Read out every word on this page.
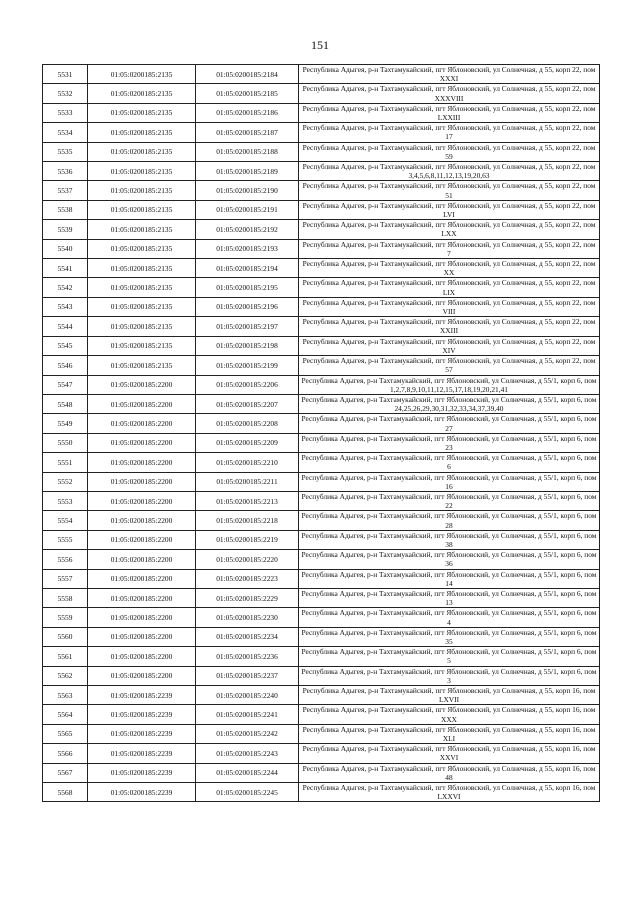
151
5531	01:05:0200185:2135	01:05:0200185:2184	Республика Адыгея, р-н Тахтамукайский, пгт Яблоновский, ул Солнечная, д 55, корп 22, пом XXXI
5532	01:05:0200185:2135	01:05:0200185:2185	Республика Адыгея, р-н Тахтамукайский, пгт Яблоновский, ул Солнечная, д 55, корп 22, пом XXXVIII
5533	01:05:0200185:2135	01:05:0200185:2186	Республика Адыгея, р-н Тахтамукайский, пгт Яблоновский, ул Солнечная, д 55, корп 22, пом LXXIII
5534	01:05:0200185:2135	01:05:0200185:2187	Республика Адыгея, р-н Тахтамукайский, пгт Яблоновский, ул Солнечная, д 55, корп 22, пом 17
5535	01:05:0200185:2135	01:05:0200185:2188	Республика Адыгея, р-н Тахтамукайский, пгт Яблоновский, ул Солнечная, д 55, корп 22, пом 59
5536	01:05:0200185:2135	01:05:0200185:2189	Республика Адыгея, р-н Тахтамукайский, пгт Яблоновский, ул Солнечная, д 55, корп 22, пом 3,4,5,6,8,11,12,13,19,20,63
5537	01:05:0200185:2135	01:05:0200185:2190	Республика Адыгея, р-н Тахтамукайский, пгт Яблоновский, ул Солнечная, д 55, корп 22, пом 51
5538	01:05:0200185:2135	01:05:0200185:2191	Республика Адыгея, р-н Тахтамукайский, пгт Яблоновский, ул Солнечная, д 55, корп 22, пом LVI
5539	01:05:0200185:2135	01:05:0200185:2192	Республика Адыгея, р-н Тахтамукайский, пгт Яблоновский, ул Солнечная, д 55, корп 22, пом LXX
5540	01:05:0200185:2135	01:05:0200185:2193	Республика Адыгея, р-н Тахтамукайский, пгт Яблоновский, ул Солнечная, д 55, корп 22, пом 7
5541	01:05:0200185:2135	01:05:0200185:2194	Республика Адыгея, р-н Тахтамукайский, пгт Яблоновский, ул Солнечная, д 55, корп 22, пом XX
5542	01:05:0200185:2135	01:05:0200185:2195	Республика Адыгея, р-н Тахтамукайский, пгт Яблоновский, ул Солнечная, д 55, корп 22, пом LIX
5543	01:05:0200185:2135	01:05:0200185:2196	Республика Адыгея, р-н Тахтамукайский, пгт Яблоновский, ул Солнечная, д 55, корп 22, пом VIII
5544	01:05:0200185:2135	01:05:0200185:2197	Республика Адыгея, р-н Тахтамукайский, пгт Яблоновский, ул Солнечная, д 55, корп 22, пом XXIII
5545	01:05:0200185:2135	01:05:0200185:2198	Республика Адыгея, р-н Тахтамукайский, пгт Яблоновский, ул Солнечная, д 55, корп 22, пом XIV
5546	01:05:0200185:2135	01:05:0200185:2199	Республика Адыгея, р-н Тахтамукайский, пгт Яблоновский, ул Солнечная, д 55, корп 22, пом 57
5547	01:05:0200185:2200	01:05:0200185:2206	Республика Адыгея, р-н Тахтамукайский, пгт Яблоновский, ул Солнечная, д 55/1, корп 6, пом 1,2,7,8,9,10,11,12,15,17,18,19,20,21,41
5548	01:05:0200185:2200	01:05:0200185:2207	Республика Адыгея, р-н Тахтамукайский, пгт Яблоновский, ул Солнечная, д 55/1, корп 6, пом 24,25,26,29,30,31,32,33,34,37,39,40
5549	01:05:0200185:2200	01:05:0200185:2208	Республика Адыгея, р-н Тахтамукайский, пгт Яблоновский, ул Солнечная, д 55/1, корп 6, пом 27
5550	01:05:0200185:2200	01:05:0200185:2209	Республика Адыгея, р-н Тахтамукайский, пгт Яблоновский, ул Солнечная, д 55/1, корп 6, пом 23
5551	01:05:0200185:2200	01:05:0200185:2210	Республика Адыгея, р-н Тахтамукайский, пгт Яблоновский, ул Солнечная, д 55/1, корп 6, пом 6
5552	01:05:0200185:2200	01:05:0200185:2211	Республика Адыгея, р-н Тахтамукайский, пгт Яблоновский, ул Солнечная, д 55/1, корп 6, пом 16
5553	01:05:0200185:2200	01:05:0200185:2213	Республика Адыгея, р-н Тахтамукайский, пгт Яблоновский, ул Солнечная, д 55/1, корп 6, пом 22
5554	01:05:0200185:2200	01:05:0200185:2218	Республика Адыгея, р-н Тахтамукайский, пгт Яблоновский, ул Солнечная, д 55/1, корп 6, пом 28
5555	01:05:0200185:2200	01:05:0200185:2219	Республика Адыгея, р-н Тахтамукайский, пгт Яблоновский, ул Солнечная, д 55/1, корп 6, пом 38
5556	01:05:0200185:2200	01:05:0200185:2220	Республика Адыгея, р-н Тахтамукайский, пгт Яблоновский, ул Солнечная, д 55/1, корп 6, пом 36
5557	01:05:0200185:2200	01:05:0200185:2223	Республика Адыгея, р-н Тахтамукайский, пгт Яблоновский, ул Солнечная, д 55/1, корп 6, пом 14
5558	01:05:0200185:2200	01:05:0200185:2229	Республика Адыгея, р-н Тахтамукайский, пгт Яблоновский, ул Солнечная, д 55/1, корп 6, пом 13
5559	01:05:0200185:2200	01:05:0200185:2230	Республика Адыгея, р-н Тахтамукайский, пгт Яблоновский, ул Солнечная, д 55/1, корп 6, пом 4
5560	01:05:0200185:2200	01:05:0200185:2234	Республика Адыгея, р-н Тахтамукайский, пгт Яблоновский, ул Солнечная, д 55/1, корп 6, пом 35
5561	01:05:0200185:2200	01:05:0200185:2236	Республика Адыгея, р-н Тахтамукайский, пгт Яблоновский, ул Солнечная, д 55/1, корп 6, пом 5
5562	01:05:0200185:2200	01:05:0200185:2237	Республика Адыгея, р-н Тахтамукайский, пгт Яблоновский, ул Солнечная, д 55/1, корп 6, пом 3
5563	01:05:0200185:2239	01:05:0200185:2240	Республика Адыгея, р-н Тахтамукайский, пгт Яблоновский, ул Солнечная, д 55, корп 16, пом LXVII
5564	01:05:0200185:2239	01:05:0200185:2241	Республика Адыгея, р-н Тахтамукайский, пгт Яблоновский, ул Солнечная, д 55, корп 16, пом XXX
5565	01:05:0200185:2239	01:05:0200185:2242	Республика Адыгея, р-н Тахтамукайский, пгт Яблоновский, ул Солнечная, д 55, корп 16, пом XLI
5566	01:05:0200185:2239	01:05:0200185:2243	Республика Адыгея, р-н Тахтамукайский, пгт Яблоновский, ул Солнечная, д 55, корп 16, пом XXVI
5567	01:05:0200185:2239	01:05:0200185:2244	Республика Адыгея, р-н Тахтамукайский, пгт Яблоновский, ул Солнечная, д 55, корп 16, пом 48
5568	01:05:0200185:2239	01:05:0200185:2245	Республика Адыгея, р-н Тахтамукайский, пгт Яблоновский, ул Солнечная, д 55, корп 16, пом LXXVI
